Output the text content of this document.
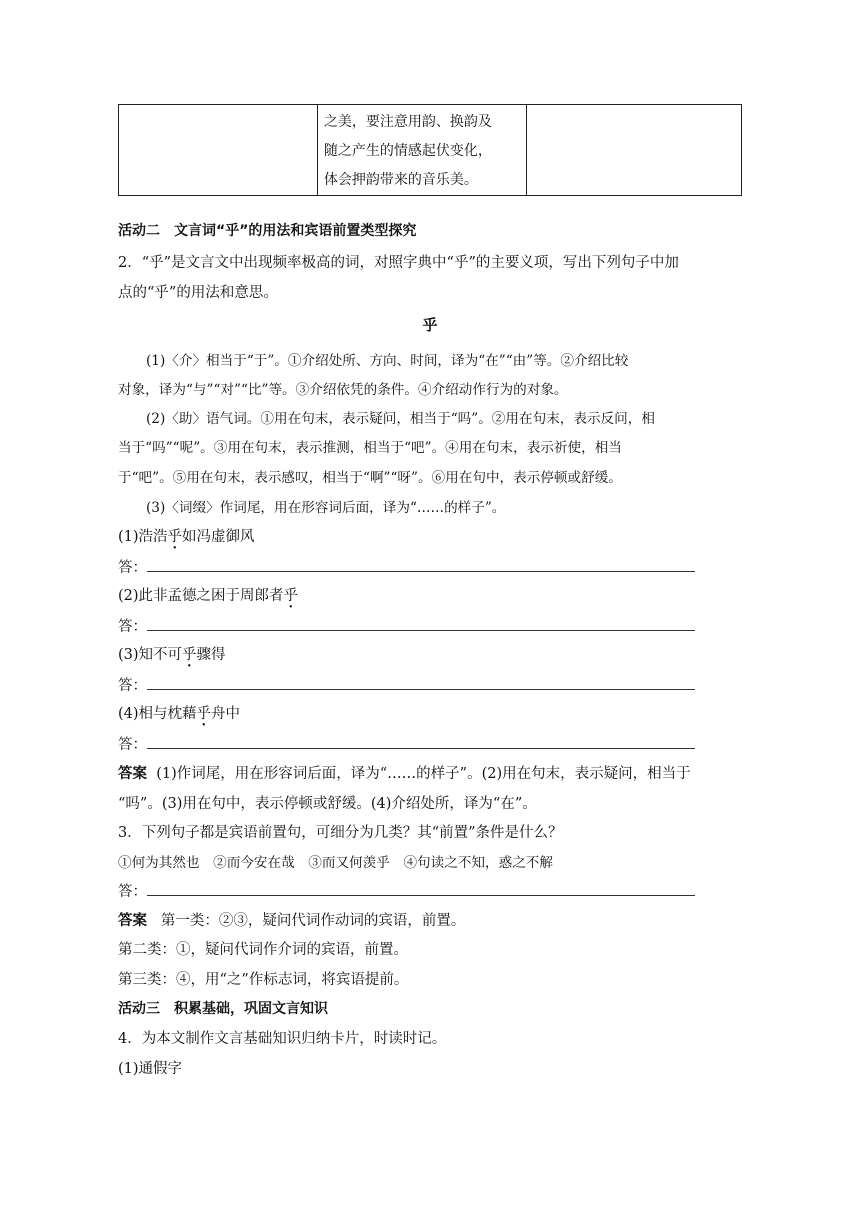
之美，要注意用韵、换韵及
随之产生的情感起伏变化，
体会押韵带来的音乐美。

活动二　文言词“乎”的用法和宾语前置类型探究
2．“乎”是文言文中出现频率极高的词，对照字典中“乎”的主要义项，写出下列句子中加
点的“乎”的用法和意思。
乎
(1)〈介〉相当于“于”。①介绍处所、方向、时间，译为“在”“由”等。②介绍比较
对象，译为“与”“对”“比”等。③介绍依凭的条件。④介绍动作行为的对象。
(2)〈助〉语气词。①用在句末，表示疑问，相当于“吗”。②用在句末，表示反问，相
当于“吗”“呢”。③用在句末，表示推测，相当于“吧”。④用在句末，表示祈使，相当
于“吧”。⑤用在句末，表示感叹，相当于“啊”“呀”。⑥用在句中，表示停顿或舒缓。
(3)〈词缀〉作词尾，用在形容词后面，译为“……的样子”。
(1)浩浩乎如冯虚御风
答：
(2)此非孟德之困于周郎者乎
答：
(3)知不可乎骤得
答：
(4)相与枕藉乎舟中
答：
答案 (1)作词尾，用在形容词后面，译为“……的样子”。(2)用在句末，表示疑问，相当于
“吗”。(3)用在句中，表示停顿或舒缓。(4)介绍处所，译为“在”。
3．下列句子都是宾语前置句，可细分为几类？其“前置”条件是什么？
①何为其然也　②而今安在哉　③而又何羡乎　④句读之不知，惑之不解
答：
答案 第一类：②③，疑问代词作动词的宾语，前置。
第二类：①，疑问代词作介词的宾语，前置。
第三类：④，用“之”作标志词，将宾语提前。
活动三　积累基础，巩固文言知识
4．为本文制作文言基础知识归纳卡片，时读时记。
(1)通假字
